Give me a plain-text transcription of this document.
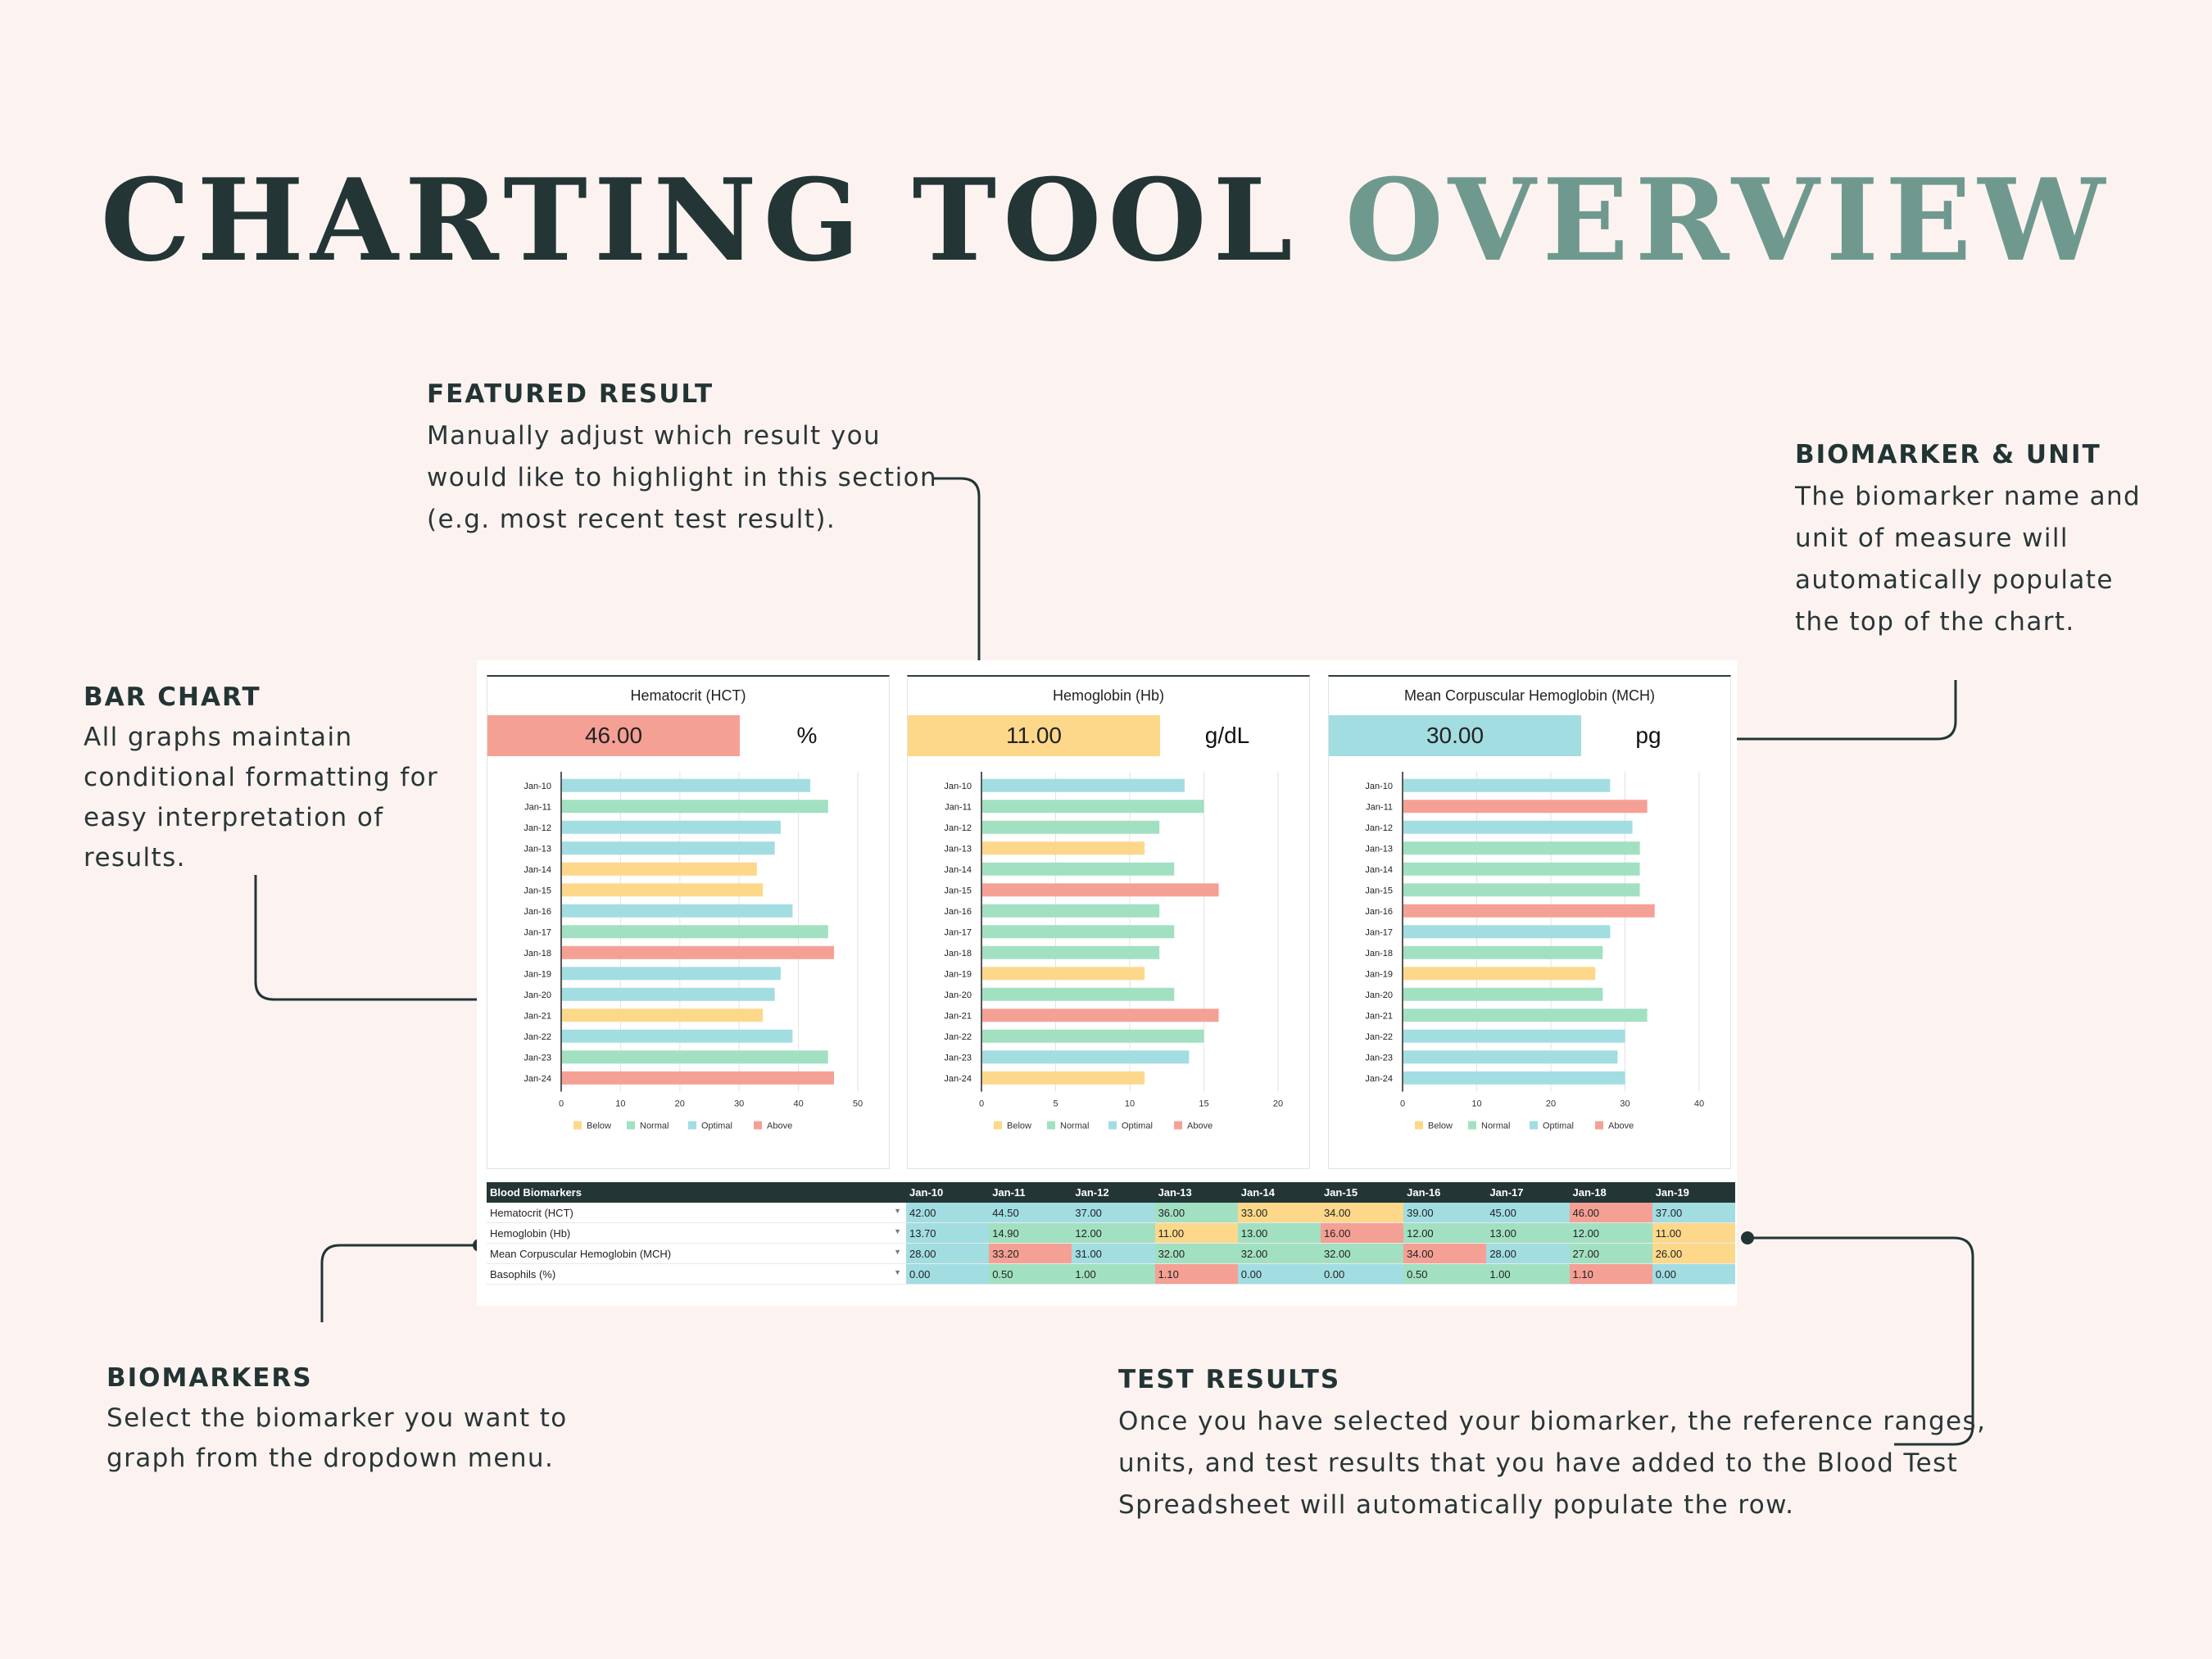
CHARTING TOOL OVERVIEW
FEATURED RESULT
Manually adjust which result you
would like to highlight in this section
(e.g. most recent test result).
BIOMARKER & UNIT
The biomarker name and
unit of measure will
automatically populate
the top of the chart.
BAR CHART
All graphs maintain
conditional formatting for
easy interpretation of
results.
BIOMARKERS
Select the biomarker you want to
graph from the dropdown menu.
TEST RESULTS
Once you have selected your biomarker, the reference ranges,
units, and test results that you have added to the Blood Test
Spreadsheet will automatically populate the row.
Hematocrit (HCT)
46.00	%
0	10	20	30	40	50
Jan-10
Jan-11
Jan-12
Jan-13
Jan-14
Jan-15
Jan-16
Jan-17
Jan-18
Jan-19
Jan-20
Jan-21
Jan-22
Jan-23
Jan-24
Below	Normal	Optimal	Above
Hemoglobin (Hb)
11.00	g/dL
0	5	10	15	20
Jan-10
Jan-11
Jan-12
Jan-13
Jan-14
Jan-15
Jan-16
Jan-17
Jan-18
Jan-19
Jan-20
Jan-21
Jan-22
Jan-23
Jan-24
Below	Normal	Optimal	Above
Mean Corpuscular Hemoglobin (MCH)
30.00	pg
0	10	20	30	40
Jan-10
Jan-11
Jan-12
Jan-13
Jan-14
Jan-15
Jan-16
Jan-17
Jan-18
Jan-19
Jan-20
Jan-21
Jan-22
Jan-23
Jan-24
Below	Normal	Optimal	Above
Blood Biomarkers	Jan-10	Jan-11	Jan-12	Jan-13	Jan-14	Jan-15	Jan-16	Jan-17	Jan-18	Jan-19
Hematocrit (HCT) ▼	42.00	44.50	37.00	36.00	33.00	34.00	39.00	45.00	46.00	37.00
Hemoglobin (Hb) ▼	13.70	14.90	12.00	11.00	13.00	16.00	12.00	13.00	12.00	11.00
Mean Corpuscular Hemoglobin (MCH) ▼	28.00	33.20	31.00	32.00	32.00	32.00	34.00	28.00	27.00	26.00
Basophils (%) ▼	0.00	0.50	1.00	1.10	0.00	0.00	0.50	1.00	1.10	0.00
